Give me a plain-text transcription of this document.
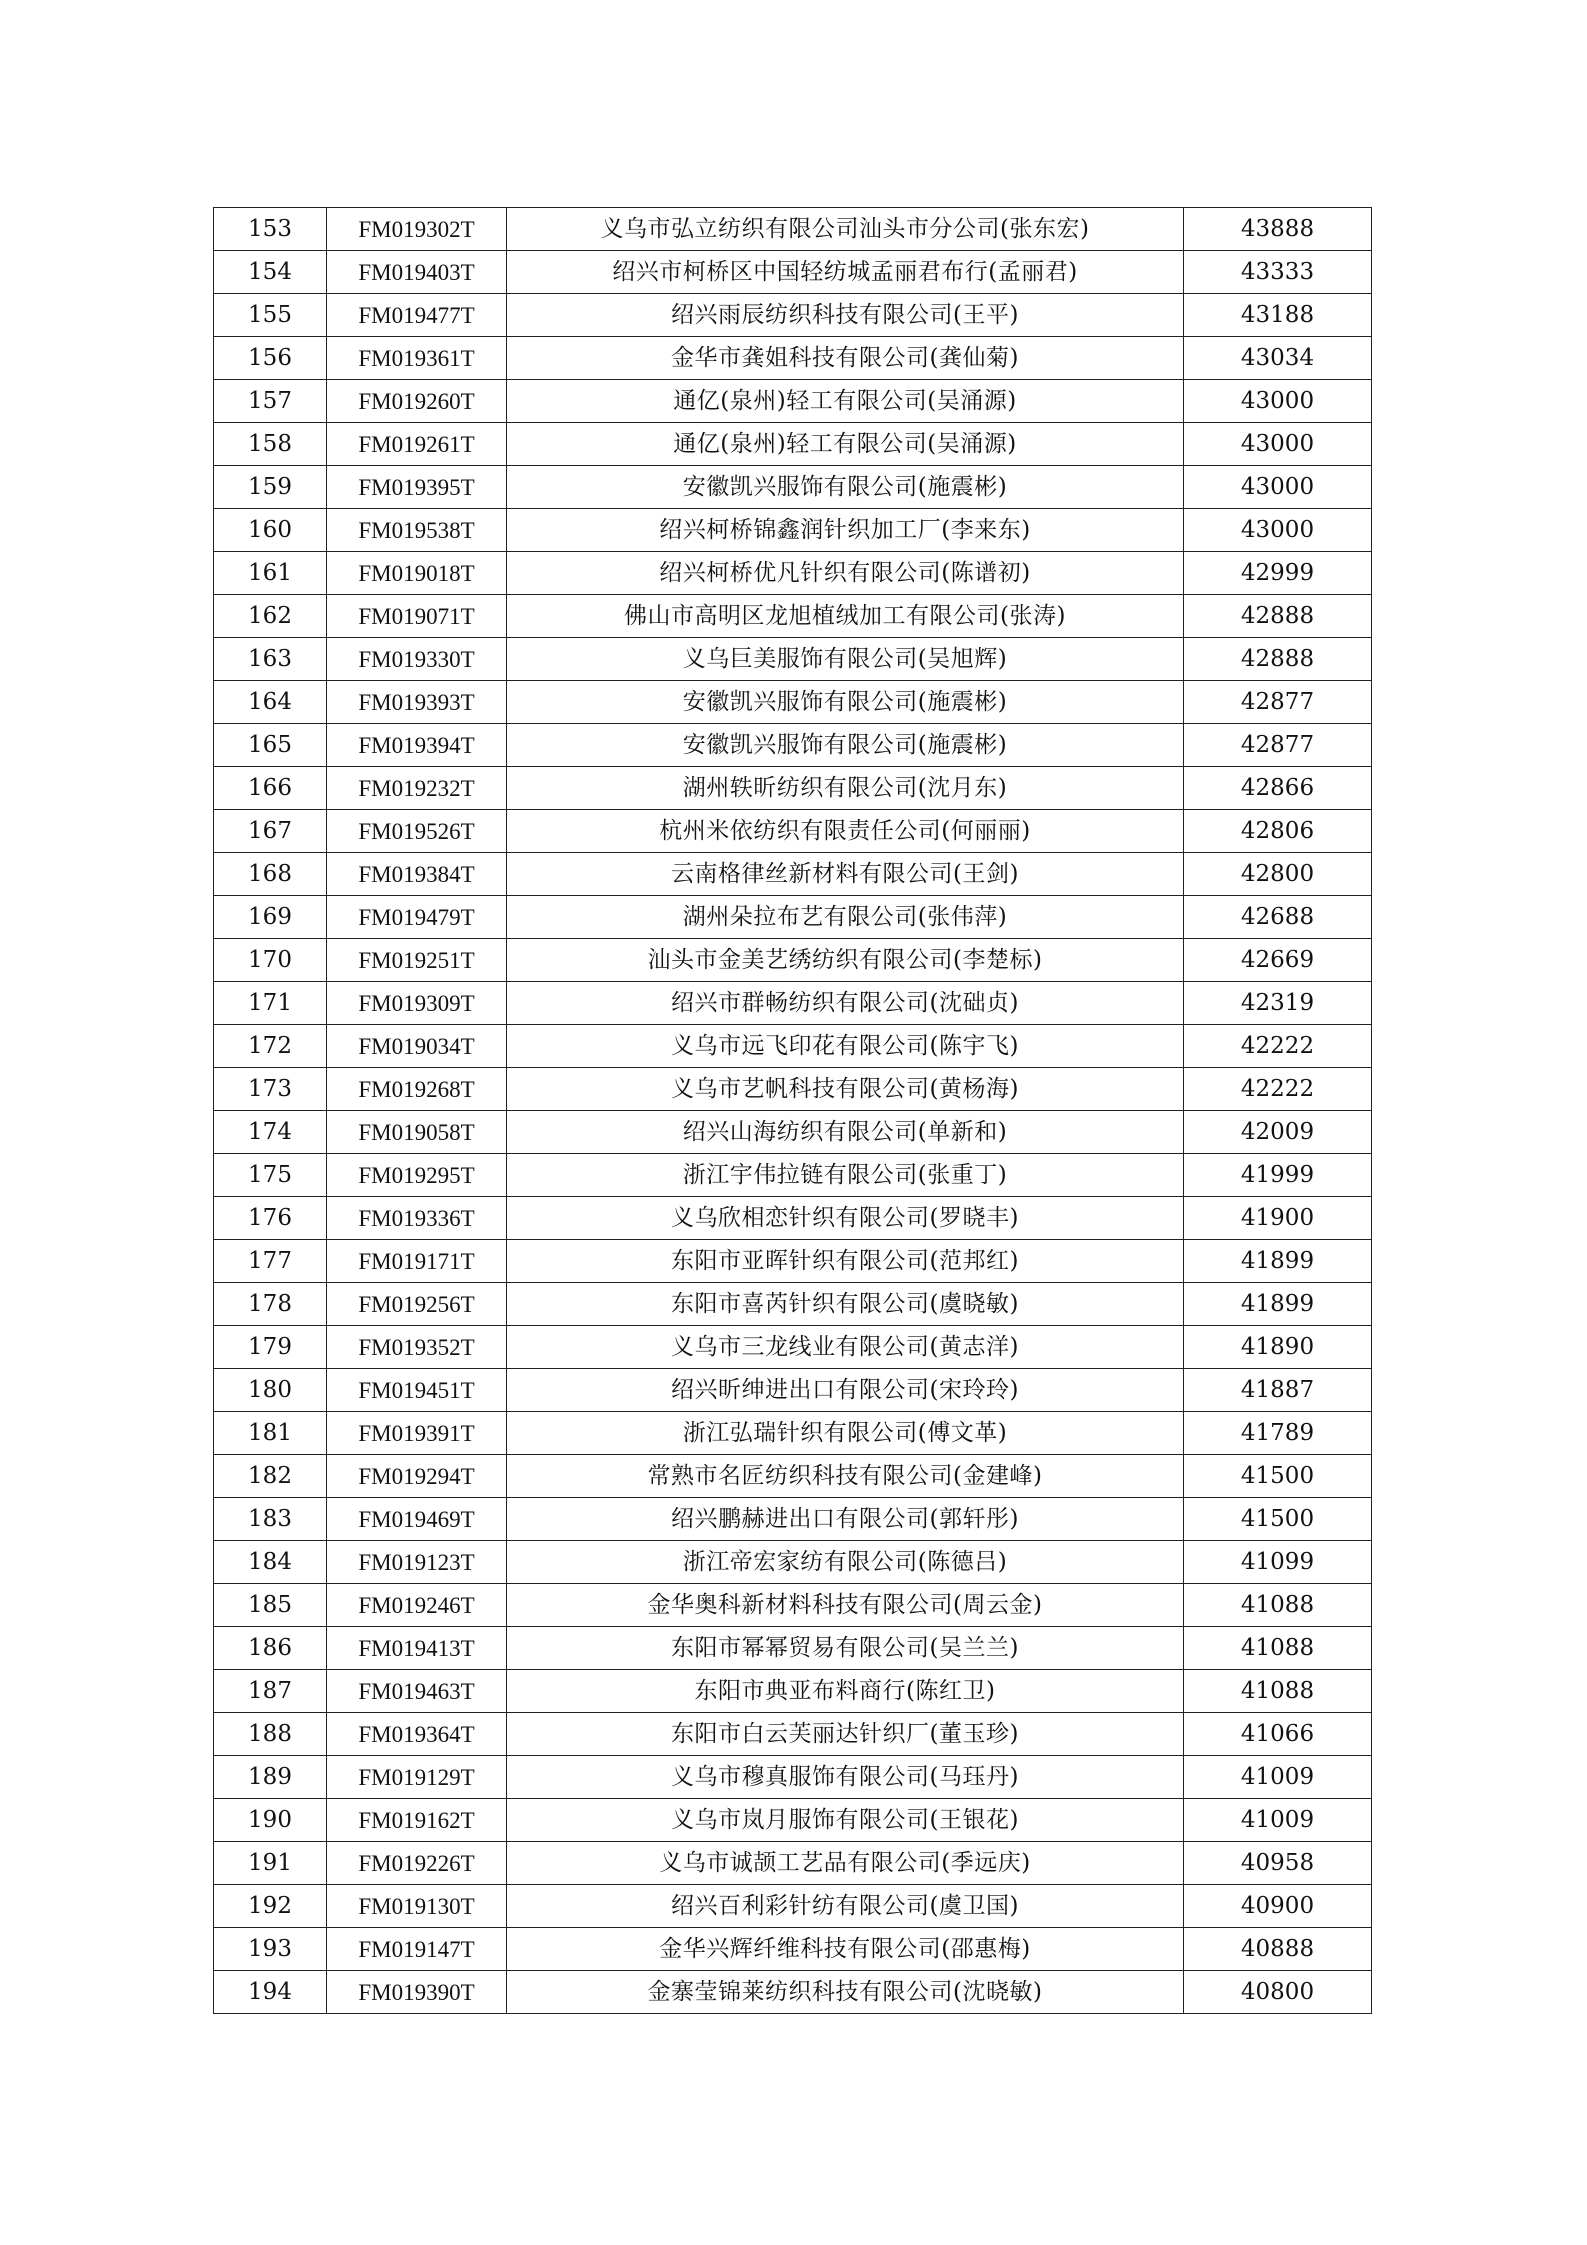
153	FM019302T	义乌市弘立纺织有限公司汕头市分公司(张东宏)	43888
154	FM019403T	绍兴市柯桥区中国轻纺城孟丽君布行(孟丽君)	43333
155	FM019477T	绍兴雨辰纺织科技有限公司(王平)	43188
156	FM019361T	金华市龚姐科技有限公司(龚仙菊)	43034
157	FM019260T	通亿(泉州)轻工有限公司(吴涌源)	43000
158	FM019261T	通亿(泉州)轻工有限公司(吴涌源)	43000
159	FM019395T	安徽凯兴服饰有限公司(施震彬)	43000
160	FM019538T	绍兴柯桥锦鑫润针织加工厂(李来东)	43000
161	FM019018T	绍兴柯桥优凡针织有限公司(陈谱初)	42999
162	FM019071T	佛山市高明区龙旭植绒加工有限公司(张涛)	42888
163	FM019330T	义乌巨美服饰有限公司(吴旭辉)	42888
164	FM019393T	安徽凯兴服饰有限公司(施震彬)	42877
165	FM019394T	安徽凯兴服饰有限公司(施震彬)	42877
166	FM019232T	湖州轶昕纺织有限公司(沈月东)	42866
167	FM019526T	杭州米依纺织有限责任公司(何丽丽)	42806
168	FM019384T	云南格律丝新材料有限公司(王剑)	42800
169	FM019479T	湖州朵拉布艺有限公司(张伟萍)	42688
170	FM019251T	汕头市金美艺绣纺织有限公司(李楚标)	42669
171	FM019309T	绍兴市群畅纺织有限公司(沈础贞)	42319
172	FM019034T	义乌市远飞印花有限公司(陈宇飞)	42222
173	FM019268T	义乌市艺帆科技有限公司(黄杨海)	42222
174	FM019058T	绍兴山海纺织有限公司(单新和)	42009
175	FM019295T	浙江宇伟拉链有限公司(张重丁)	41999
176	FM019336T	义乌欣相恋针织有限公司(罗晓丰)	41900
177	FM019171T	东阳市亚晖针织有限公司(范邦红)	41899
178	FM019256T	东阳市喜芮针织有限公司(虞晓敏)	41899
179	FM019352T	义乌市三龙线业有限公司(黄志洋)	41890
180	FM019451T	绍兴昕绅进出口有限公司(宋玲玲)	41887
181	FM019391T	浙江弘瑞针织有限公司(傅文革)	41789
182	FM019294T	常熟市名匠纺织科技有限公司(金建峰)	41500
183	FM019469T	绍兴鹏赫进出口有限公司(郭轩彤)	41500
184	FM019123T	浙江帝宏家纺有限公司(陈德吕)	41099
185	FM019246T	金华奥科新材料科技有限公司(周云金)	41088
186	FM019413T	东阳市幂幂贸易有限公司(吴兰兰)	41088
187	FM019463T	东阳市典亚布料商行(陈红卫)	41088
188	FM019364T	东阳市白云芙丽达针织厂(董玉珍)	41066
189	FM019129T	义乌市穆真服饰有限公司(马珏丹)	41009
190	FM019162T	义乌市岚月服饰有限公司(王银花)	41009
191	FM019226T	义乌市诚颉工艺品有限公司(季远庆)	40958
192	FM019130T	绍兴百利彩针纺有限公司(虞卫国)	40900
193	FM019147T	金华兴辉纤维科技有限公司(邵惠梅)	40888
194	FM019390T	金寨莹锦莱纺织科技有限公司(沈晓敏)	40800
